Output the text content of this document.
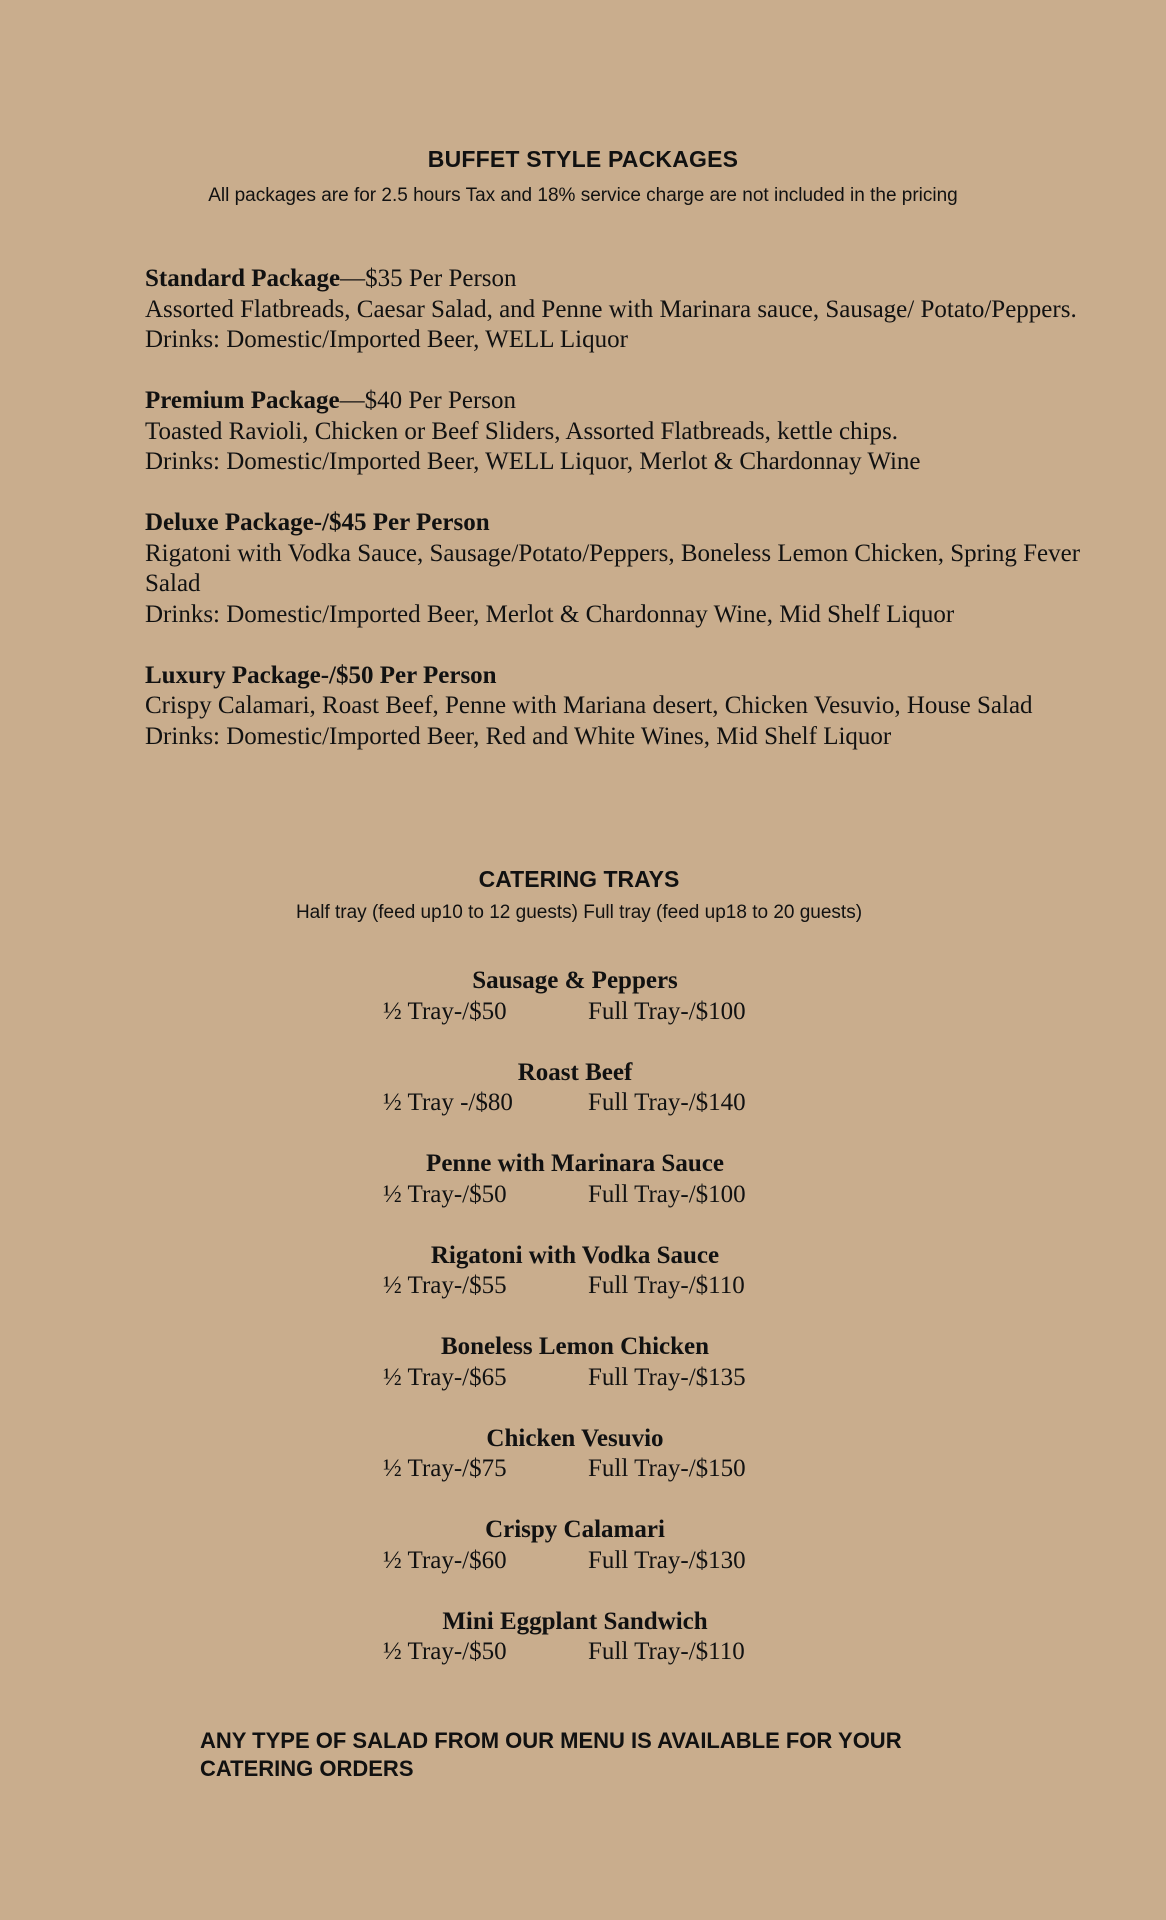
BUFFET STYLE PACKAGES
All packages are for 2.5 hours Tax and 18% service charge are not included in the pricing

Standard Package—$35 Per Person

Assorted Flatbreads, Caesar Salad, and Penne with Marinara sauce, Sausage/ Potato/Peppers.

Drinks: Domestic/Imported Beer, WELL Liquor

Premium Package—$40 Per Person

Toasted Ravioli, Chicken or Beef Sliders, Assorted Flatbreads, kettle chips.

Drinks: Domestic/Imported Beer, WELL Liquor, Merlot & Chardonnay Wine

Deluxe Package-/$45 Per Person

Rigatoni with Vodka Sauce, Sausage/Potato/Peppers, Boneless Lemon Chicken, Spring Fever Salad

Drinks: Domestic/Imported Beer, Merlot & Chardonnay Wine, Mid Shelf Liquor

Luxury Package-/$50 Per Person

Crispy Calamari, Roast Beef, Penne with Mariana desert, Chicken Vesuvio, House Salad

Drinks: Domestic/Imported Beer, Red and White Wines, Mid Shelf Liquor

CATERING TRAYS
Half tray (feed up10 to 12 guests) Full tray (feed up18 to 20 guests)
Sausage & Peppers
½ Tray-/$50	Full Tray-/$100
Roast Beef
½ Tray -/$80	Full Tray-/$140
Penne with Marinara Sauce
½ Tray-/$50	Full Tray-/$100
Rigatoni with Vodka Sauce
½ Tray-/$55	Full Tray-/$110
Boneless Lemon Chicken
½ Tray-/$65	Full Tray-/$135
Chicken Vesuvio
½ Tray-/$75	Full Tray-/$150
Crispy Calamari
½ Tray-/$60	Full Tray-/$130
Mini Eggplant Sandwich
½ Tray-/$50	Full Tray-/$110
ANY TYPE OF SALAD FROM OUR MENU IS AVAILABLE FOR YOUR
CATERING ORDERS
